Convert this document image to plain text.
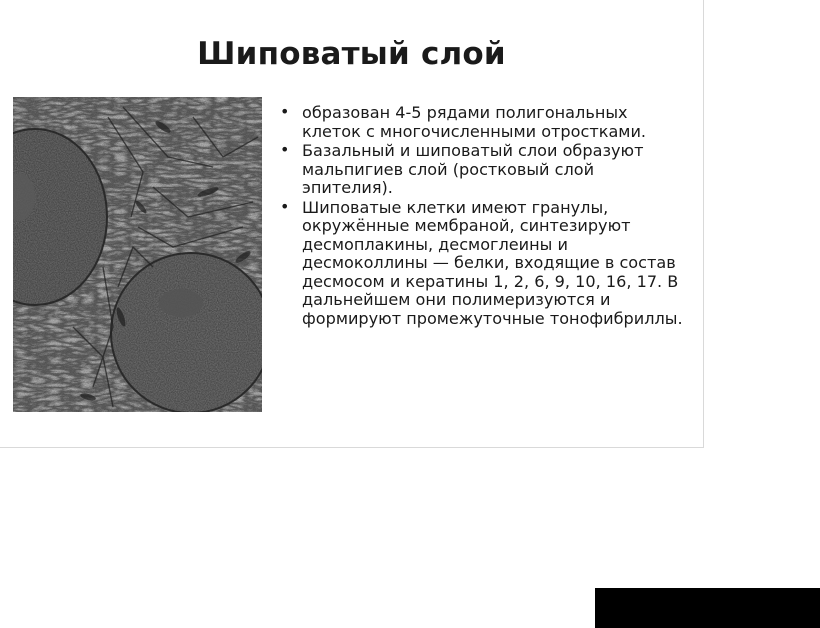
Шиповатый слой
• образован 4-5 рядами полигональных клеток с многочисленными отростками.
• Базальный и шиповатый слои образуют мальпигиев слой (ростковый слой эпителия).
• Шиповатые клетки имеют гранулы, окружённые мембраной, синтезируют десмоплакины, десмоглеины и десмоколлины — белки, входящие в состав десмосом и кератины 1, 2, 6, 9, 10, 16, 17. В дальнейшем они полимеризуются и формируют промежуточные тонофибриллы.
